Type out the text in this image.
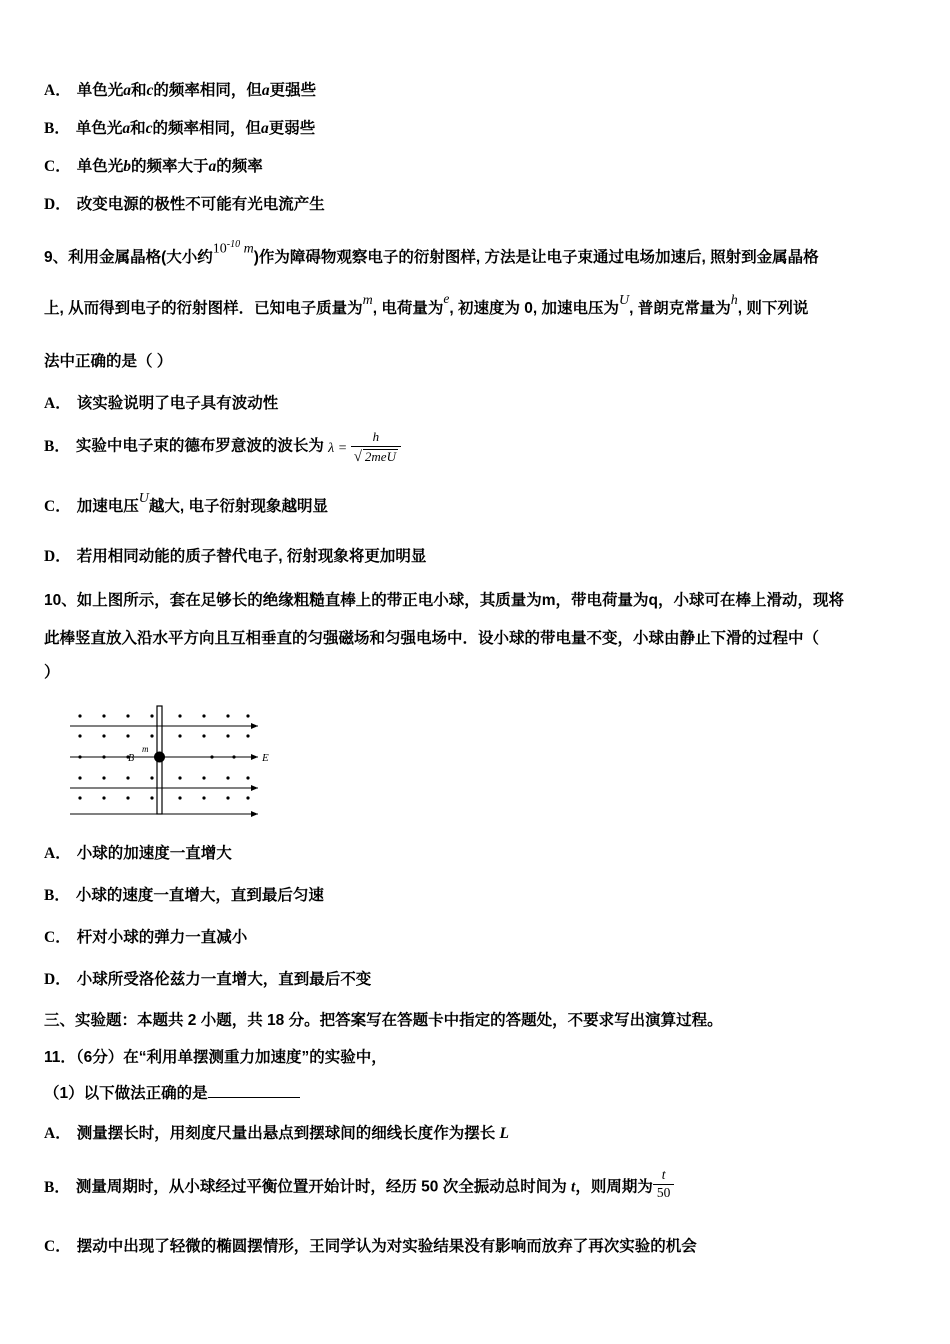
A． 单色光a和c的频率相同，但a更强些
B． 单色光a和c的频率相同，但a更弱些
C． 单色光b的频率大于a的频率
D． 改变电源的极性不可能有光电流产生
9、利用金属晶格(大小约$10^{-10}$ m)作为障碍物观察电子的衍射图样, 方法是让电子束通过电场加速后, 照射到金属晶格
上, 从而得到电子的衍射图样．已知电子质量为m, 电荷量为e, 初速度为 0, 加速电压为U, 普朗克常量为h, 则下列说
法中正确的是（ ）
A． 该实验说明了电子具有波动性
B． 实验中电子束的德布罗意波的波长为 $\lambda = \frac{h}{\text{√ 2meU}}$
C． 加速电压U越大, 电子衍射现象越明显
D． 若用相同动能的质子替代电子, 衍射现象将更加明显
10、如上图所示，套在足够长的绝缘粗糙直棒上的带正电小球，其质量为m，带电荷量为q，小球可在棒上滑动，现将
此棒竖直放入沿水平方向且互相垂直的匀强磁场和匀强电场中．设小球的带电量不变，小球由静止下滑的过程中（
）
B
m
E
A． 小球的加速度一直增大
B． 小球的速度一直增大，直到最后匀速
C． 杆对小球的弹力一直减小
D． 小球所受洛伦兹力一直增大，直到最后不变
三、实验题：本题共 2 小题，共 18 分。把答案写在答题卡中指定的答题处，不要求写出演算过程。
11．（6分）在“利用单摆测重力加速度”的实验中，
（1）以下做法正确的是
A． 测量摆长时，用刻度尺量出悬点到摆球间的细线长度作为摆长 L
B． 测量周期时，从小球经过平衡位置开始计时，经历 50 次全振动总时间为 t，则周期为 $\frac{t}{50}$
C． 摆动中出现了轻微的椭圆摆情形，王同学认为对实验结果没有影响而放弃了再次实验的机会
